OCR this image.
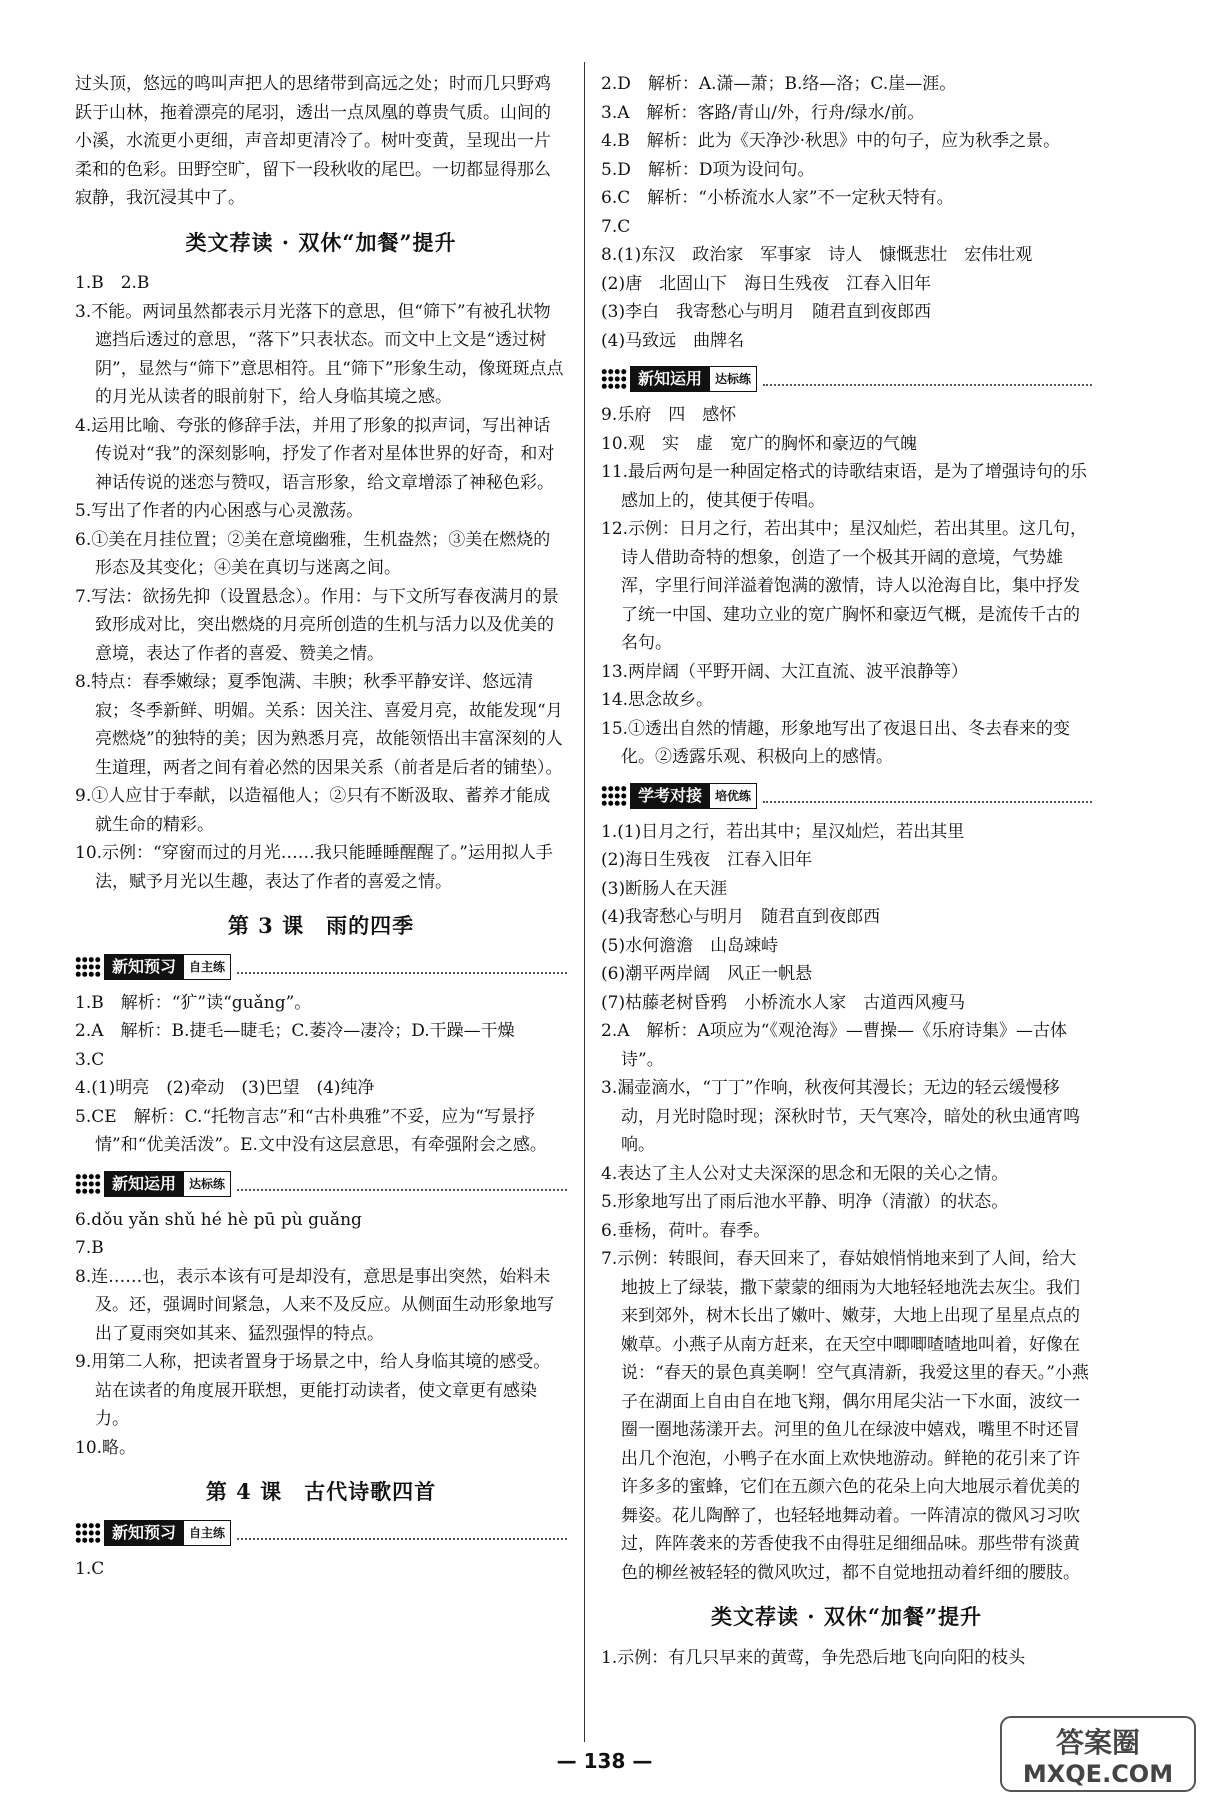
过头顶，悠远的鸣叫声把人的思绪带到高远之处；时而几只野鸡跃于山林，拖着漂亮的尾羽，透出一点凤凰的尊贵气质。山间的小溪，水流更小更细，声音却更清冷了。树叶变黄，呈现出一片柔和的色彩。田野空旷，留下一段秋收的尾巴。一切都显得那么寂静，我沉浸其中了。

类文荐读 · 双休“加餐”提升

1.B　2.B

3.不能。两词虽然都表示月光落下的意思，但“筛下”有被孔状物遮挡后透过的意思，“落下”只表状态。而文中上文是“透过树阴”，显然与“筛下”意思相符。且“筛下”形象生动，像斑斑点点的月光从读者的眼前射下，给人身临其境之感。

4.运用比喻、夸张的修辞手法，并用了形象的拟声词，写出神话传说对“我”的深刻影响，抒发了作者对星体世界的好奇，和对神话传说的迷恋与赞叹，语言形象，给文章增添了神秘色彩。

5.写出了作者的内心困惑与心灵激荡。

6.①美在月挂位置；②美在意境幽雅，生机盎然；③美在燃烧的形态及其变化；④美在真切与迷离之间。

7.写法：欲扬先抑（设置悬念）。作用：与下文所写春夜满月的景致形成对比，突出燃烧的月亮所创造的生机与活力以及优美的意境，表达了作者的喜爱、赞美之情。

8.特点：春季嫩绿；夏季饱满、丰腴；秋季平静安详、悠远清寂；冬季新鲜、明媚。关系：因关注、喜爱月亮，故能发现“月亮燃烧”的独特的美；因为熟悉月亮，故能领悟出丰富深刻的人生道理，两者之间有着必然的因果关系（前者是后者的铺垫）。

9.①人应甘于奉献，以造福他人；②只有不断汲取、蓄养才能成就生命的精彩。

10.示例：“穿窗而过的月光……我只能睡睡醒醒了。”运用拟人手法，赋予月光以生趣，表达了作者的喜爱之情。

第 3 课　雨的四季
新知预习	自主练

1.B　解析：“犷”读“guǎng”。

2.A　解析：B.捷毛—睫毛；C.萎冷—凄冷；D.干躁—干燥

3.C

4.(1)明亮　(2)牵动　(3)巴望　(4)纯净

5.CE　解析：C.“托物言志”和“古朴典雅”不妥，应为“写景抒情”和“优美活泼”。E.文中没有这层意思，有牵强附会之感。

新知运用	达标练

6.dǒu yǎn shǔ hé hè pū pù guǎng

7.B

8.连……也，表示本该有可是却没有，意思是事出突然，始料未及。还，强调时间紧急，人来不及反应。从侧面生动形象地写出了夏雨突如其来、猛烈强悍的特点。

9.用第二人称，把读者置身于场景之中，给人身临其境的感受。站在读者的角度展开联想，更能打动读者，使文章更有感染力。

10.略。

第 4 课　古代诗歌四首
新知预习	自主练

1.C

2.D　解析：A.潇—萧；B.络—洛；C.崖—涯。

3.A　解析：客路/青山/外，行舟/绿水/前。

4.B　解析：此为《天净沙·秋思》中的句子，应为秋季之景。

5.D　解析：D项为设问句。

6.C　解析：“小桥流水人家”不一定秋天特有。

7.C

8.(1)东汉　政治家　军事家　诗人　慷慨悲壮　宏伟壮观

(2)唐　北固山下　海日生残夜　江春入旧年

(3)李白　我寄愁心与明月　随君直到夜郎西

(4)马致远　曲牌名

新知运用	达标练

9.乐府　四　感怀

10.观　实　虚　宽广的胸怀和豪迈的气魄

11.最后两句是一种固定格式的诗歌结束语，是为了增强诗句的乐感加上的，使其便于传唱。

12.示例：日月之行，若出其中；星汉灿烂，若出其里。这几句，诗人借助奇特的想象，创造了一个极其开阔的意境，气势雄浑，字里行间洋溢着饱满的激情，诗人以沧海自比，集中抒发了统一中国、建功立业的宽广胸怀和豪迈气概，是流传千古的名句。

13.两岸阔（平野开阔、大江直流、波平浪静等）

14.思念故乡。

15.①透出自然的情趣，形象地写出了夜退日出、冬去春来的变化。②透露乐观、积极向上的感情。

学考对接	培优练

1.(1)日月之行，若出其中；星汉灿烂，若出其里

(2)海日生残夜　江春入旧年

(3)断肠人在天涯

(4)我寄愁心与明月　随君直到夜郎西

(5)水何澹澹　山岛竦峙

(6)潮平两岸阔　风正一帆悬

(7)枯藤老树昏鸦　小桥流水人家　古道西风瘦马

2.A　解析：A项应为“《观沧海》—曹操—《乐府诗集》—古体诗”。

3.漏壶滴水，“丁丁”作响，秋夜何其漫长；无边的轻云缓慢移动，月光时隐时现；深秋时节，天气寒冷，暗处的秋虫通宵鸣响。

4.表达了主人公对丈夫深深的思念和无限的关心之情。

5.形象地写出了雨后池水平静、明净（清澈）的状态。

6.垂杨，荷叶。春季。

7.示例：转眼间，春天回来了，春姑娘悄悄地来到了人间，给大地披上了绿装，撒下蒙蒙的细雨为大地轻轻地洗去灰尘。我们来到郊外，树木长出了嫩叶、嫩芽，大地上出现了星星点点的嫩草。小燕子从南方赶来，在天空中唧唧喳喳地叫着，好像在说：“春天的景色真美啊！空气真清新，我爱这里的春天。”小燕子在湖面上自由自在地飞翔，偶尔用尾尖沾一下水面，波纹一圈一圈地荡漾开去。河里的鱼儿在绿波中嬉戏，嘴里不时还冒出几个泡泡，小鸭子在水面上欢快地游动。鲜艳的花引来了许许多多的蜜蜂，它们在五颜六色的花朵上向大地展示着优美的舞姿。花儿陶醉了，也轻轻地舞动着。一阵清凉的微风习习吹过，阵阵袭来的芳香使我不由得驻足细细品味。那些带有淡黄色的柳丝被轻轻的微风吹过，都不自觉地扭动着纤细的腰肢。

类文荐读 · 双休“加餐”提升

1.示例：有几只早来的黄莺，争先恐后地飞向向阳的枝头

— 138 —
答案圈
MXQE.COM
